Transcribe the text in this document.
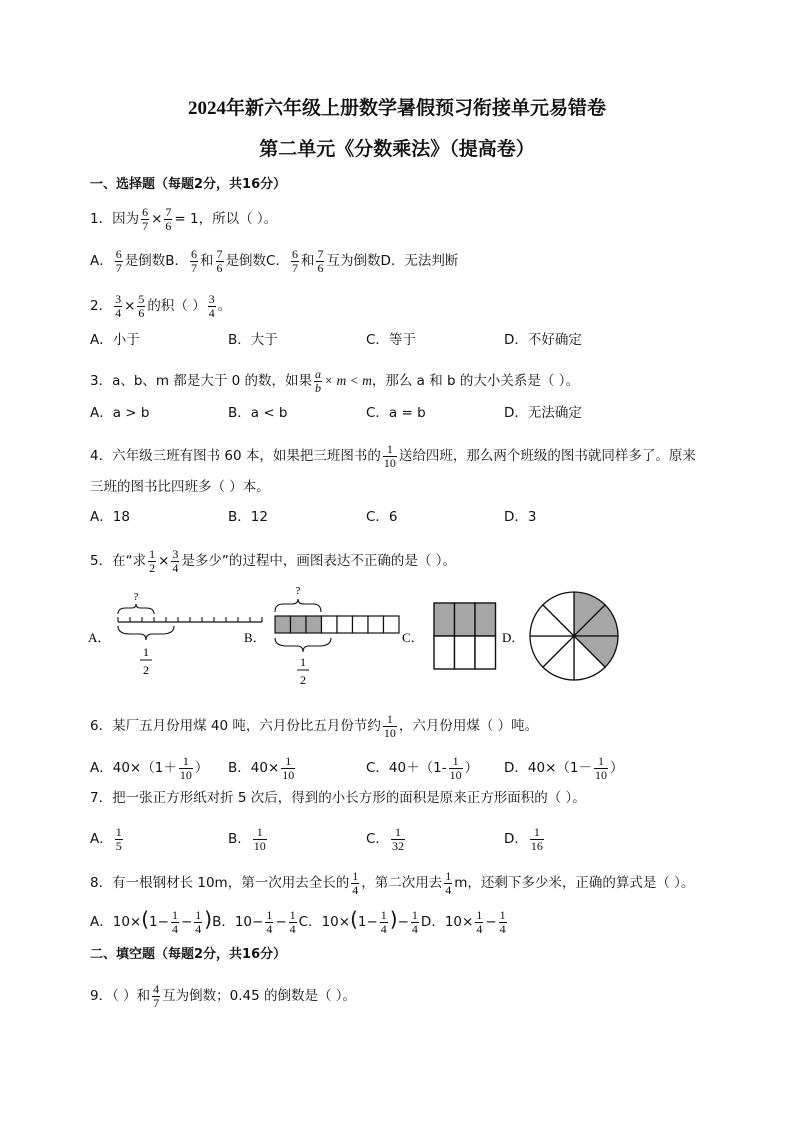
2024年新六年级上册数学暑假预习衔接单元易错卷
第二单元《分数乘法》（提高卷）
一、选择题（每题2分，共16分）
1．因为 $\frac{6}{7} \times \frac{7}{6} = 1$，所以（ ）。
A． $\frac{6}{7}$ 是倒数B． $\frac{6}{7}$ 和 $\frac{7}{6}$ 是倒数C． $\frac{6}{7}$ 和 $\frac{7}{6}$ 互为倒数D．无法判断
2． $\frac{3}{4} \times \frac{5}{6}$ 的积（ ） $\frac{3}{4}$ 。
A．小于	B．大于	C．等于	D．不好确定
3．a、b、m 都是大于 0 的数，如果 $\frac{a}{b} \times m < m$，那么 a 和 b 的大小关系是（ ）。
A．a > b	B．a < b	C．a = b	D．无法确定
4．六年级三班有图书 60 本，如果把三班图书的 $\frac{1}{10}$ 送给四班，那么两个班级的图书就同样多了。原来
三班的图书比四班多（ ）本。
A．18	B．12	C．6	D．3
5．在“求 $\frac{1}{2} \times \frac{3}{4}$ 是多少”的过程中，画图表达不正确的是（ ）。
A．	B．	C．	D．
?
1
2
?
1
2
6．某厂五月份用煤 40 吨，六月份比五月份节约 $\frac{1}{10}$ ，六月份用煤（ ）吨。
A．$40\times(1+ \frac{1}{10}$ ） B．$40\times \frac{1}{10}$	C．$40+(1- \frac{1}{10}$ ） D．$40\times(1- \frac{1}{10}$ ）
7．把一张正方形纸对折 5 次后，得到的小长方形的面积是原来正方形面积的（ ）。
A． $\frac{1}{5}$	B． $\frac{1}{10}$	C． $\frac{1}{32}$	D． $\frac{1}{16}$
8．有一根钢材长 10m，第一次用去全长的 $\frac{1}{4}$ ，第二次用去 $\frac{1}{4}$ m，还剩下多少米，正确的算式是（ ）。
A．$10\times(1- \frac{1}{4} - \frac{1}{4} )B$．$10- \frac{1}{4} - \frac{1}{4}$ C．$10\times(1- \frac{1}{4}$ )− $\frac{1}{4}$ D．$10\times \frac{1}{4} - \frac{1}{4}$
二、填空题（每题2分，共16分）
9．（ ）和 $\frac{4}{7}$ 互为倒数；0.45 的倒数是（ ）。
